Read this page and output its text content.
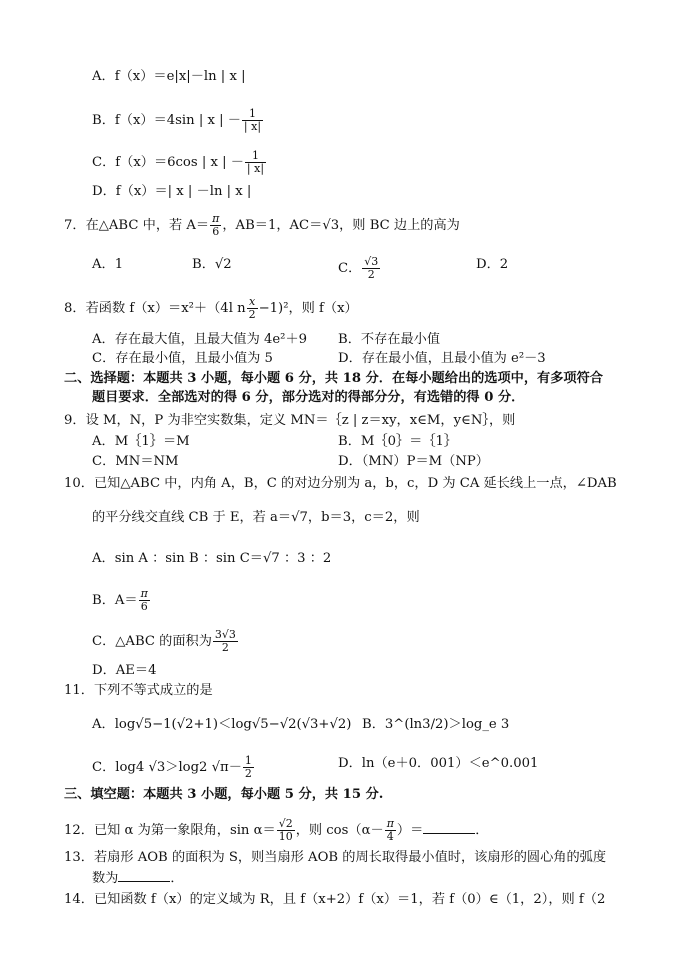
A．f（x）＝e|x|－ln | x |
B．f（x）＝4sin | x | － $\frac{1}{| x|}$
C．f（x）＝6cos | x | － $\frac{1}{| x|}$
D．f（x）＝| x | －ln | x |
7．在△ABC 中，若 $A= \frac{\pi}{6}$ ，AB＝1，AC＝√3，则 BC 边上的高为
A．1	B．√2	C． $\frac{√3}{2}$	D．2
8．若函数 f（x）＝x²＋（4l n $\frac{x}{2} -1)^2$，则 f（x）
A．存在最大值，且最大值为 4e²＋9 B．不存在最小值
C．存在最小值，且最小值为 5	D．存在最小值，且最小值为 e²－3
二、选择题：本题共 3 小题，每小题 6 分，共 18 分．在每小题给出的选项中，有多项符合
题目要求．全部选对的得 6 分，部分选对的得部分分，有选错的得 0 分．
9．设 M，N，P 为非空实数集，定义 MN＝｛z | z＝xy，x∈M，y∈N｝，则
A．M｛1｝＝M	B．M｛0｝＝｛1｝
C．MN＝NM	D．（MN）P＝M（NP）
10．已知△ABC 中，内角 A，B，C 的对边分别为 a，b，c，D 为 CA 延长线上一点，∠DAB
的平分线交直线 CB 于 E，若 a＝√7，b＝3，c＝2，则
A．sin A ：sin B ：sin C＝√7 ：3 ：2
B．$A= \frac{\pi}{6}$
C．△ABC 的面积为 $\frac{3√3}{2}$
D．AE＝4
11．下列不等式成立的是
A．log√5−1(√2+1)＜log√5−√2(√3+√2) B．3^(ln3/2)＞log_e 3
C．log4 √3＞log2 $√\pi- \frac{1}{2}$	D．ln（e＋0．001）＜e^0.001
三、填空题：本题共 3 小题，每小题 5 分，共 15 分.
12．已知 α 为第一象限角，$\sin \alpha= \frac{√2}{10}$ ，则 $\cos(\alpha- \frac{\pi}{4}$ ）＝	．
13．若扇形 AOB 的面积为 S，则当扇形 AOB 的周长取得最小值时，该扇形的圆心角的弧度
数为	．
14．已知函数 f（x）的定义域为 R，且 f（x+2）f（x）＝1，若 f（0）∈（1，2），则 f（2
